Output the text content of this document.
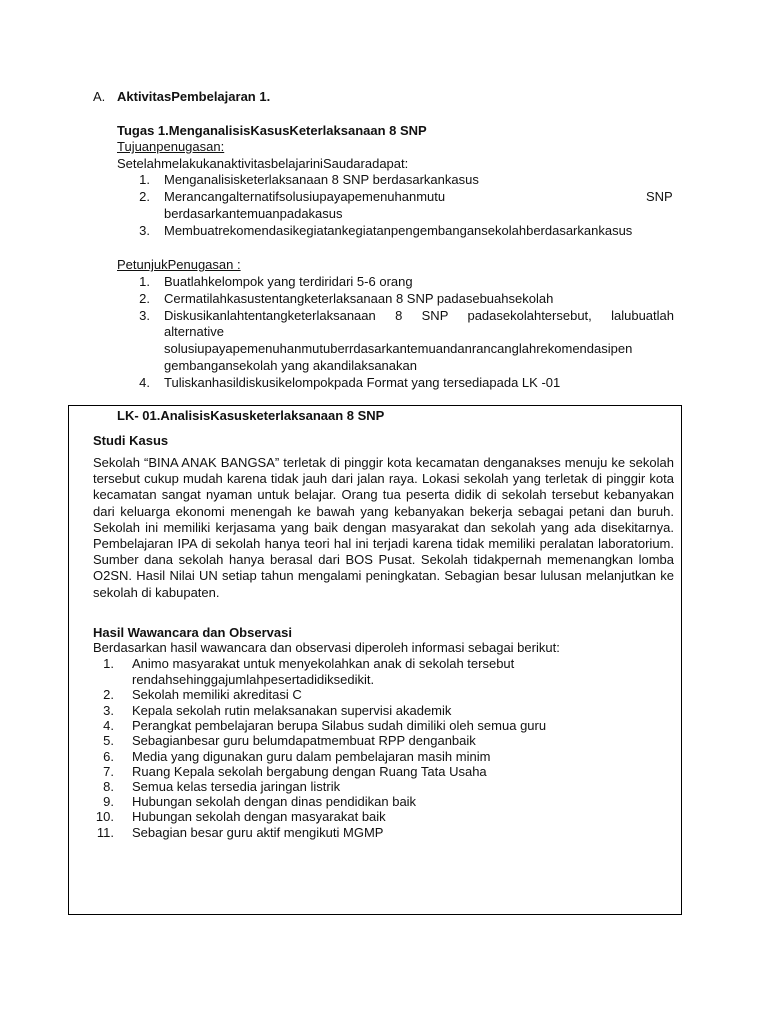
A. AktivitasPembelajaran 1.
Tugas 1.MenganalisisKasusKeterlaksanaan 8 SNP
Tujuanpenugasan:
SetelahmelakukanaktivitasbelajariniSaudaradapat:
1. Menganalisisketerlaksanaan 8 SNP berdasarkankasus
2. Merancangalternatifsolusiupayapemenuhanmutu	SNP
berdasarkantemuanpadakasus
3. Membuatrekomendasikegiatankegiatanpengembangansekolahberdasarkankasus
PetunjukPenugasan :
1. Buatlahkelompok yang terdiridari 5-6 orang
2. Cermatilahkasustentangketerlaksanaan 8 SNP padasebuahsekolah
3. Diskusikanlahtentangketerlaksanaan 8 SNP padasekolahtersebut, lalubuatlah
alternative
solusiupayapemenuhanmutuberrdasarkantemuandanrancanglahrekomendasipen
gembangansekolah yang akandilaksanakan
4. Tuliskanhasildiskusikelompokpada Format yang tersediapada LK -01
LK- 01.AnalisisKasusketerlaksanaan 8 SNP
Studi Kasus
Sekolah “BINA ANAK BANGSA” terletak di pinggir kota kecamatan denganakses menuju ke sekolah tersebut cukup mudah karena tidak jauh dari jalan raya. Lokasi sekolah yang terletak di pinggir kota kecamatan sangat nyaman untuk belajar. Orang tua peserta didik di sekolah tersebut kebanyakan dari keluarga ekonomi menengah ke bawah yang kebanyakan bekerja sebagai petani dan buruh. Sekolah ini memiliki kerjasama yang baik dengan masyarakat dan sekolah yang ada disekitarnya. Pembelajaran IPA di sekolah hanya teori hal ini terjadi karena tidak memiliki peralatan laboratorium. Sumber dana sekolah hanya berasal dari BOS Pusat. Sekolah tidakpernah memenangkan lomba O2SN. Hasil Nilai UN setiap tahun mengalami peningkatan. Sebagian besar lulusan melanjutkan ke sekolah di kabupaten.
Hasil Wawancara dan Observasi
Berdasarkan hasil wawancara dan observasi diperoleh informasi sebagai berikut:
1. Animo masyarakat untuk menyekolahkan anak di sekolah tersebut
rendahsehinggajumlahpesertadidiksedikit.
2. Sekolah memiliki akreditasi C
3. Kepala sekolah rutin melaksanakan supervisi akademik
4. Perangkat pembelajaran berupa Silabus sudah dimiliki oleh semua guru
5. Sebagianbesar guru belumdapatmembuat RPP denganbaik
6. Media yang digunakan guru dalam pembelajaran masih minim
7. Ruang Kepala sekolah bergabung dengan Ruang Tata Usaha
8. Semua kelas tersedia jaringan listrik
9. Hubungan sekolah dengan dinas pendidikan baik
10. Hubungan sekolah dengan masyarakat baik
11. Sebagian besar guru aktif mengikuti MGMP
